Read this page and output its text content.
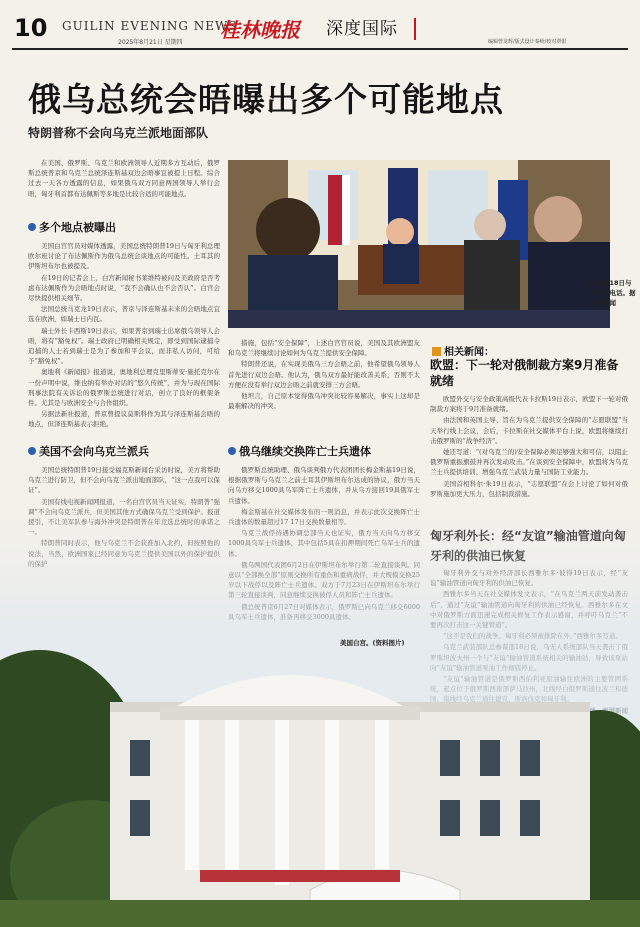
10 GUILIN EVENING NEWS
2025年8月21日 星期四
桂林晚报 深度国际
编辑曾龙辉/版式设计秦岭/校对覃银
俄乌总统会晤曝出多个可能地点
特朗普称不会向乌克兰派地面部队

在美国、俄罗斯、乌克兰和欧洲领导人近期多方互动后，俄罗斯总统普京和乌克兰总统泽连斯基双边会晤事宜被提上日程。综合过去一天各方透露的信息，如果俄乌双方同意两国领导人举行会晤，匈牙利首都布达佩斯等多地是比较合适的可能地点。

多个地点被曝出

美国白宫官员对媒体透露，美国总统特朗普19日与匈牙利总理欧尔班讨论了布达佩斯作为俄乌总统会谈地点的可能性。土耳其的伊斯坦布尔也被提及。

在19日的记者会上，白宫新闻秘书莱维特被问及美政府是否考虑布达佩斯作为会晤地点时说，“我不会确认也不会否认”。白宫会尽快提供相关细节。

法国总统马克龙19日表示，普京与泽连斯基未来的会晤地点宜选在欧洲，如瑞士日内瓦。

瑞士外长卡西斯19日表示，如果普京到瑞士出席俄乌领导人会晤，将有“豁免权”。瑞士政府已明确相关规定，即受到国际逮捕令追捕的人士若到瑞士是为了参加和平会议，而非私人访问，可给予“豁免权”。

奥地利《新闻报》报道说，奥地利总理克里斯蒂安·施托克尔在一份声明中说，维也纳有举办对话的“悠久传统”，并为与现在国际刑事法院有关诉讼的俄罗斯总统进行对话，创立了良好的框架条件。尤其是与欧洲安全与合作组织。

另据法新社报道，普京曾提议莫斯科作为其与泽连斯基会晤的地点，但泽连斯基表示拒绝。

美国不会向乌克兰派兵

特朗普18日与普京通电话。据澎湃新闻

措施，包括“安全保障”，上述白宫官员说，美国及其欧洲盟友和乌克兰将继续讨论如何为乌克兰提供安全保障。

特朗普还说，在实现美俄乌三方会晤之前，他希望俄乌领导人首先进行双边会晤。他认为，俄乌双方最好能改善关系，否则不太方便在没有举行双边会晤之前就安排三方会晤。

他坦言，自己原本觉得俄乌冲突比较容易解决，事实上这却是最难解决的冲突。

俄乌继续交换阵亡士兵遗体

相关新闻：
欧盟：下一轮对俄制裁方案9月准备就绪

欧盟外交与安全政策高级代表卡拉斯19日表示，欧盟下一轮对俄制裁方案将于9月准备就绪。

由法国和英国主导、旨在为乌克兰提供安全保障的“志愿联盟”当天举行线上会议，会后，卡拉斯在社交媒体平台上说，欧盟将继续打击俄罗斯的“战争经济”。

她还写道：“(对乌克兰的)安全保障必须足够强大和可信，以阻止俄罗斯重振旗鼓并再次发动攻击。”在谈到安全保障中，欧盟将为乌克

美国白宫。(资料图片)
